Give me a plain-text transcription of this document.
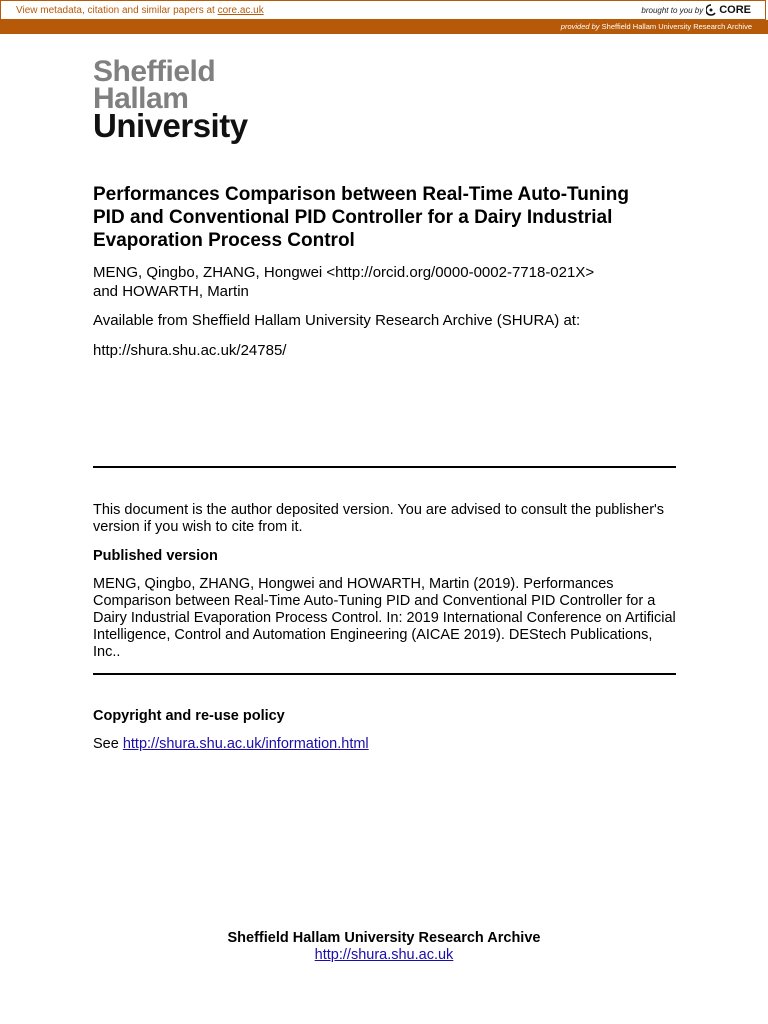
View metadata, citation and similar papers at core.ac.uk	brought to you by CORE
provided by Sheffield Hallam University Research Archive
Sheffield
Hallam
University
Performances Comparison between Real-Time Auto-Tuning PID and Conventional PID Controller for a Dairy Industrial Evaporation Process Control
MENG, Qingbo, ZHANG, Hongwei <http://orcid.org/0000-0002-7718-021X>
and HOWARTH, Martin
Available from Sheffield Hallam University Research Archive (SHURA) at:
http://shura.shu.ac.uk/24785/
This document is the author deposited version. You are advised to consult the publisher's version if you wish to cite from it.
Published version
MENG, Qingbo, ZHANG, Hongwei and HOWARTH, Martin (2019). Performances Comparison between Real-Time Auto-Tuning PID and Conventional PID Controller for a Dairy Industrial Evaporation Process Control. In: 2019 International Conference on Artificial Intelligence, Control and Automation Engineering (AICAE 2019). DEStech Publications, Inc..
Copyright and re-use policy
See http://shura.shu.ac.uk/information.html
Sheffield Hallam University Research Archive
http://shura.shu.ac.uk
